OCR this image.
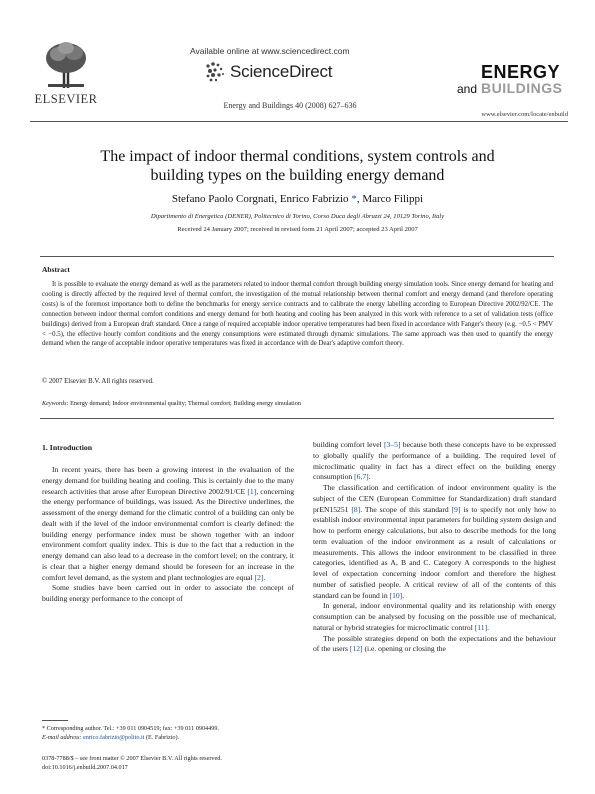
ELSEVIER
Available online at www.sciencedirect.com
ScienceDirect
Energy and Buildings 40 (2008) 627–636
ENERGY
and BUILDINGS
www.elsevier.com/locate/enbuild
The impact of indoor thermal conditions, system controls and
building types on the building energy demand
Stefano Paolo Corgnati, Enrico Fabrizio *, Marco Filippi
Dipartimento di Energetica (DENER), Politecnico di Torino, Corso Duca degli Abruzzi 24, 10129 Torino, Italy
Received 24 January 2007; received in revised form 21 April 2007; accepted 23 April 2007
Abstract

It is possible to evaluate the energy demand as well as the parameters related to indoor thermal comfort through building energy simulation tools. Since energy demand for heating and cooling is directly affected by the required level of thermal comfort, the investigation of the mutual relationship between thermal comfort and energy demand (and therefore operating costs) is of the foremost importance both to define the benchmarks for energy service contracts and to calibrate the energy labelling according to European Directive 2002/92/CE. The connection between indoor thermal comfort conditions and energy demand for both heating and cooling has been analyzed in this work with reference to a set of validation tests (office buildings) derived from a European draft standard. Once a range of required acceptable indoor operative temperatures had been fixed in accordance with Fanger's theory (e.g. −0.5 < PMV < −0.5), the effective hourly comfort conditions and the energy consumptions were estimated through dynamic simulations. The same approach was then used to quantify the energy demand when the range of acceptable indoor operative temperatures was fixed in accordance with de Dear's adaptive comfort theory.

© 2007 Elsevier B.V. All rights reserved.
Keywords: Energy demand; Indoor environmental quality; Thermal comfort; Building energy simulation
1. Introduction

In recent years, there has been a growing interest in the evaluation of the energy demand for building heating and cooling. This is certainly due to the many research activities that arose after European Directive 2002/91/CE [1], concerning the energy performance of buildings, was issued. As the Directive underlines, the assessment of the energy demand for the climatic control of a building can only be dealt with if the level of the indoor environmental comfort is clearly defined: the building energy performance index must be shown together with an indoor environment comfort quality index. This is due to the fact that a reduction in the energy demand can also lead to a decrease in the comfort level; on the contrary, it is clear that a higher energy demand should be foreseen for an increase in the comfort level demand, as the system and plant technologies are equal [2].

Some studies have been carried out in order to associate the concept of building energy performance to the concept of

building comfort level [3–5] because both these concepts have to be expressed to globally qualify the performance of a building. The required level of microclimatic quality in fact has a direct effect on the building energy consumption [6,7].

The classification and certification of indoor environment quality is the subject of the CEN (European Committee for Standardization) draft standard prEN15251 [8]. The scope of this standard [9] is to specify not only how to establish indoor environmental input parameters for building system design and how to perform energy calculations, but also to describe methods for the long term evaluation of the indoor environment as a result of calculations or measurements. This allows the indoor environment to be classified in three categories, identified as A, B and C. Category A corresponds to the highest level of expectation concerning indoor comfort and therefore the highest number of satisfied people. A critical review of all of the contents of this standard can be found in [10].

In general, indoor environmental quality and its relationship with energy consumption can be analysed by focusing on the possible use of mechanical, natural or hybrid strategies for microclimatic control [11].

The possible strategies depend on both the expectations and the behaviour of the users [12] (i.e. opening or closing the

* Corresponding author. Tel.: +39 011 0904519; fax: +39 011 0904499.
E-mail address: enrico.fabrizio@polito.it (E. Fabrizio).
0378-7788/$ – see front matter © 2007 Elsevier B.V. All rights reserved.
doi:10.1016/j.enbuild.2007.04.017
